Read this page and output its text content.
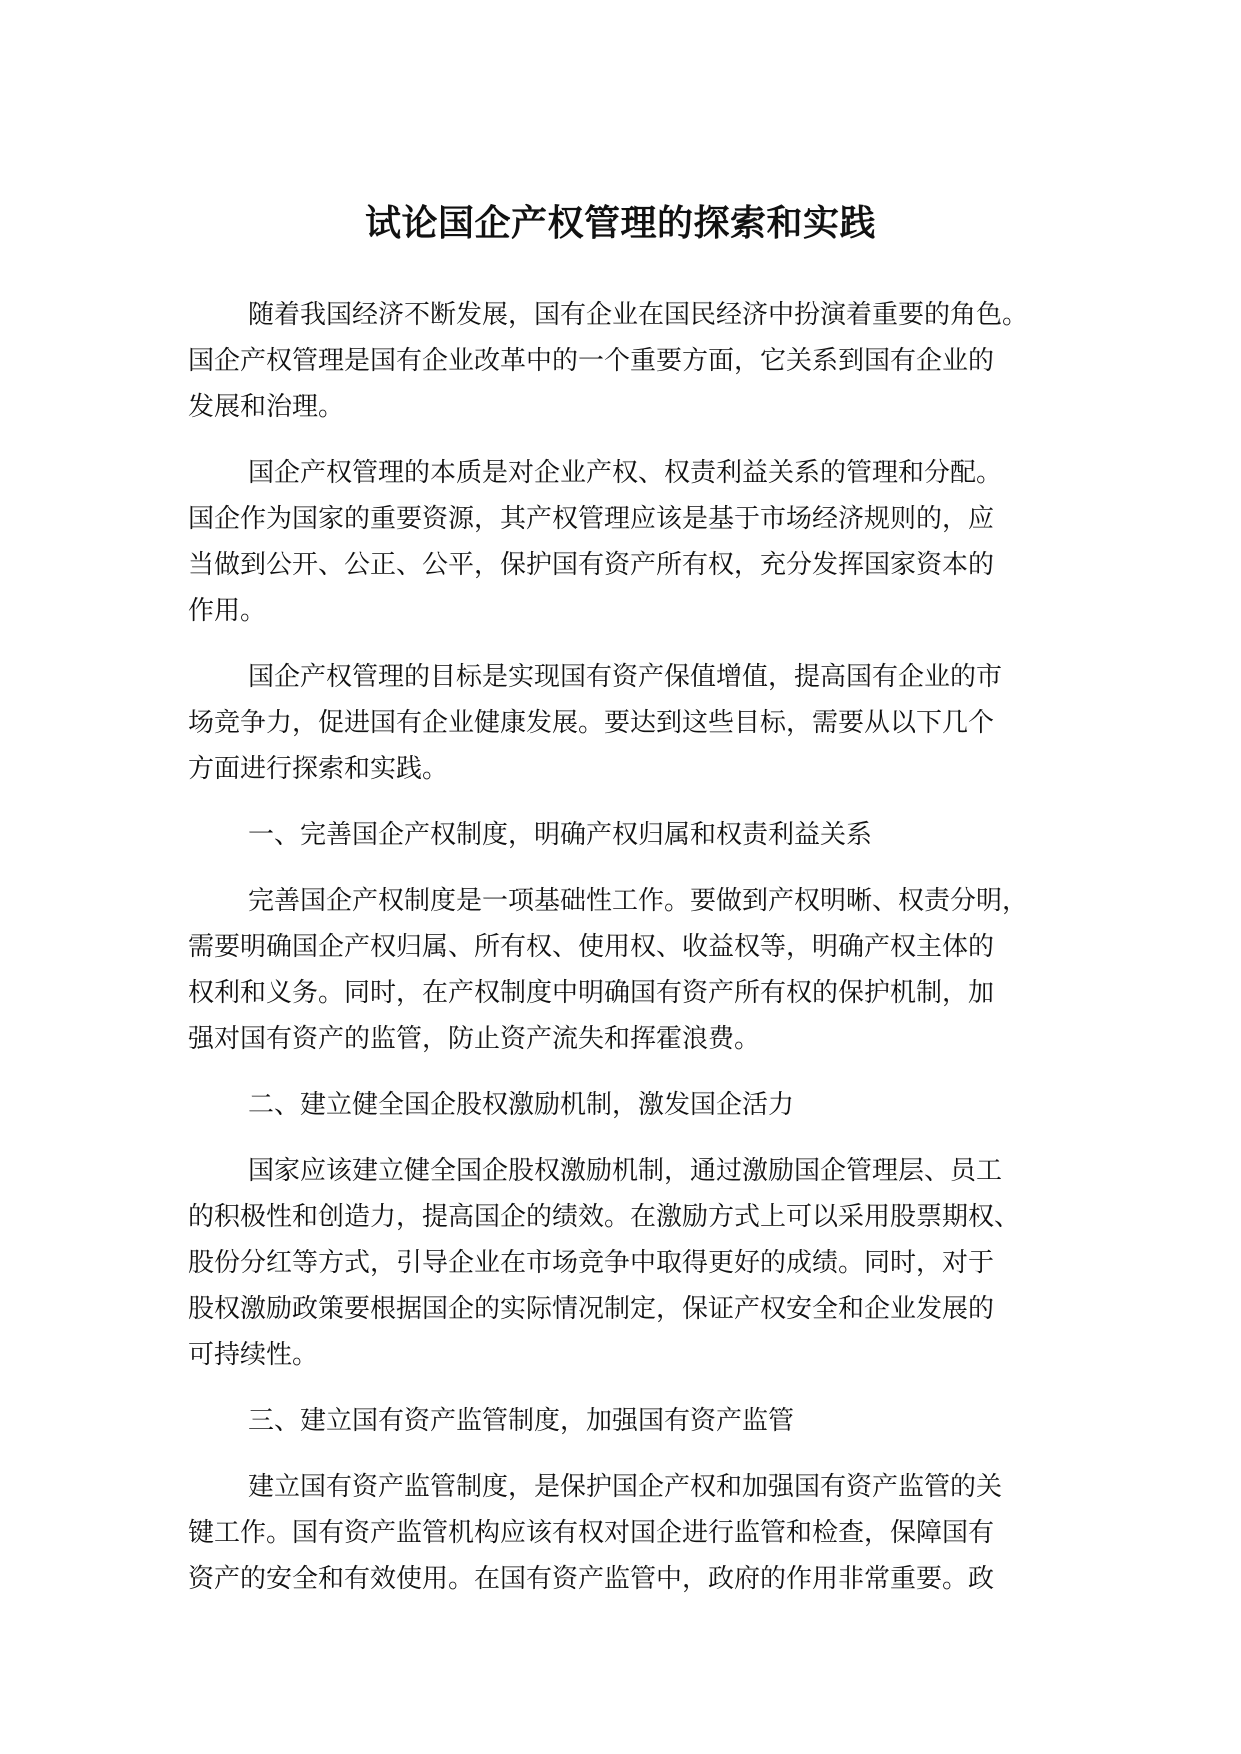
试论国企产权管理的探索和实践

随着我国经济不断发展，国有企业在国民经济中扮演着重要的角色。
国企产权管理是国有企业改革中的一个重要方面，它关系到国有企业的
发展和治理。

国企产权管理的本质是对企业产权、权责利益关系的管理和分配。
国企作为国家的重要资源，其产权管理应该是基于市场经济规则的，应
当做到公开、公正、公平，保护国有资产所有权，充分发挥国家资本的
作用。

国企产权管理的目标是实现国有资产保值增值，提高国有企业的市
场竞争力，促进国有企业健康发展。要达到这些目标，需要从以下几个
方面进行探索和实践。

一、完善国企产权制度，明确产权归属和权责利益关系

完善国企产权制度是一项基础性工作。要做到产权明晰、权责分明，
需要明确国企产权归属、所有权、使用权、收益权等，明确产权主体的
权利和义务。同时，在产权制度中明确国有资产所有权的保护机制，加
强对国有资产的监管，防止资产流失和挥霍浪费。

二、建立健全国企股权激励机制，激发国企活力

国家应该建立健全国企股权激励机制，通过激励国企管理层、员工
的积极性和创造力，提高国企的绩效。在激励方式上可以采用股票期权、
股份分红等方式，引导企业在市场竞争中取得更好的成绩。同时，对于
股权激励政策要根据国企的实际情况制定，保证产权安全和企业发展的
可持续性。

三、建立国有资产监管制度，加强国有资产监管

建立国有资产监管制度，是保护国企产权和加强国有资产监管的关
键工作。国有资产监管机构应该有权对国企进行监管和检查，保障国有
资产的安全和有效使用。在国有资产监管中，政府的作用非常重要。政
